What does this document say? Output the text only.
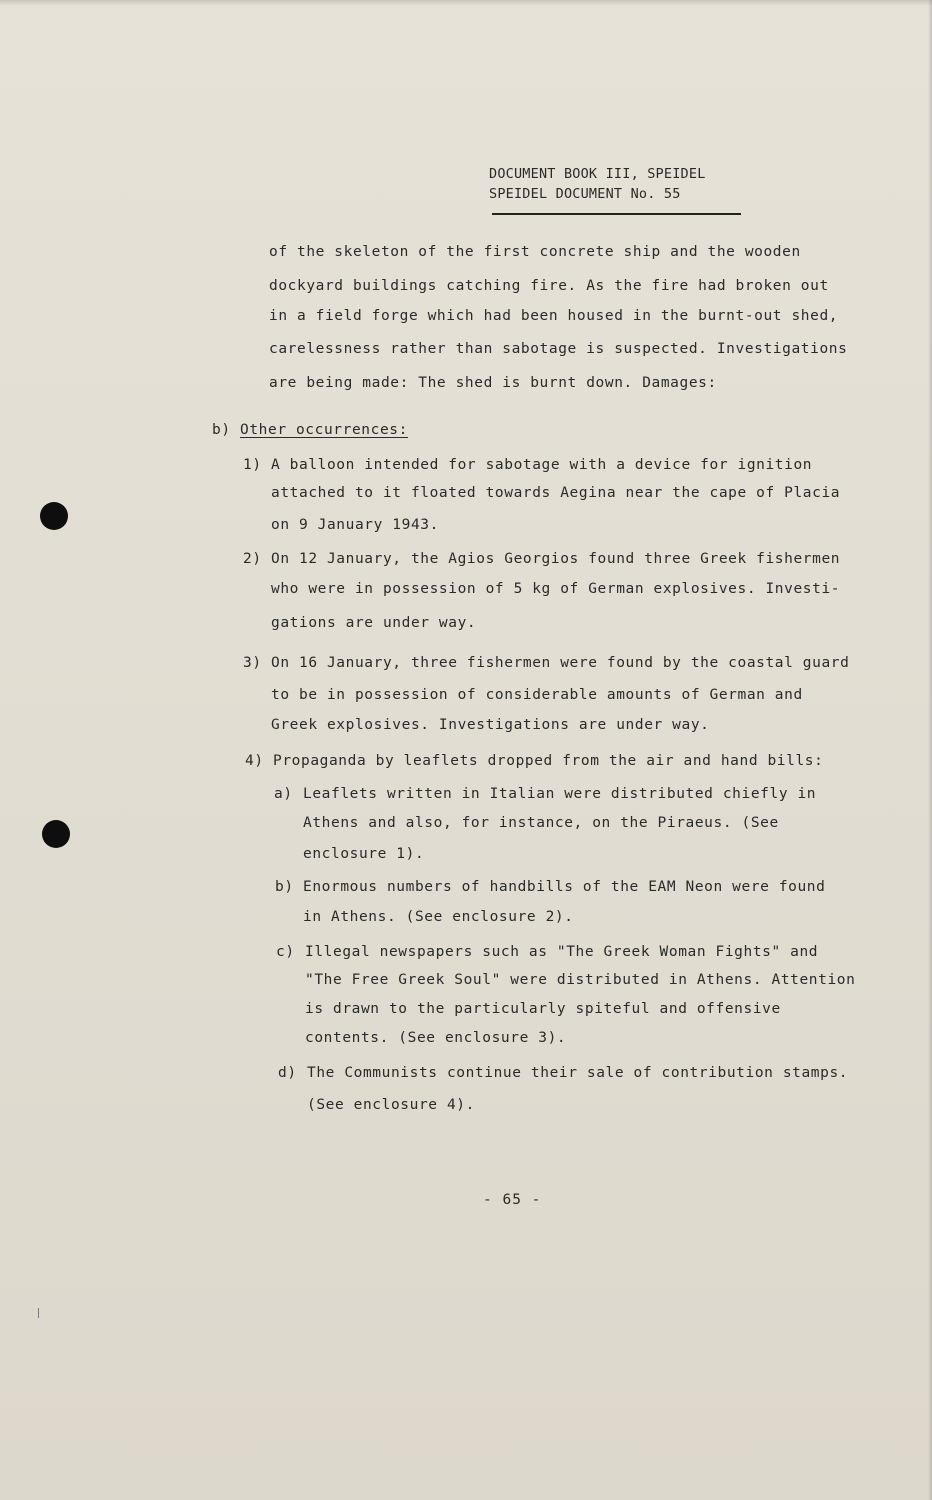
DOCUMENT BOOK III, SPEIDEL
SPEIDEL DOCUMENT No. 55
of the skeleton of the first concrete ship and the wooden
dockyard buildings catching fire. As the fire had broken out
in a field forge which had been housed in the burnt-out shed,
carelessness rather than sabotage is suspected. Investigations
are being made: The shed is burnt down. Damages:
b) Other occurrences:
1) A balloon intended for sabotage with a device for ignition
attached to it floated towards Aegina near the cape of Placia
on 9 January 1943.
2) On 12 January, the Agios Georgios found three Greek fishermen
who were in possession of 5 kg of German explosives. Investi-
gations are under way.
3) On 16 January, three fishermen were found by the coastal guard
to be in possession of considerable amounts of German and
Greek explosives. Investigations are under way.
4) Propaganda by leaflets dropped from the air and hand bills:
a) Leaflets written in Italian were distributed chiefly in
Athens and also, for instance, on the Piraeus. (See
enclosure 1).
b) Enormous numbers of handbills of the EAM Neon were found
in Athens. (See enclosure 2).
c) Illegal newspapers such as "The Greek Woman Fights" and
"The Free Greek Soul" were distributed in Athens. Attention
is drawn to the particularly spiteful and offensive
contents. (See enclosure 3).
d) The Communists continue their sale of contribution stamps.
(See enclosure 4).
- 65 -
